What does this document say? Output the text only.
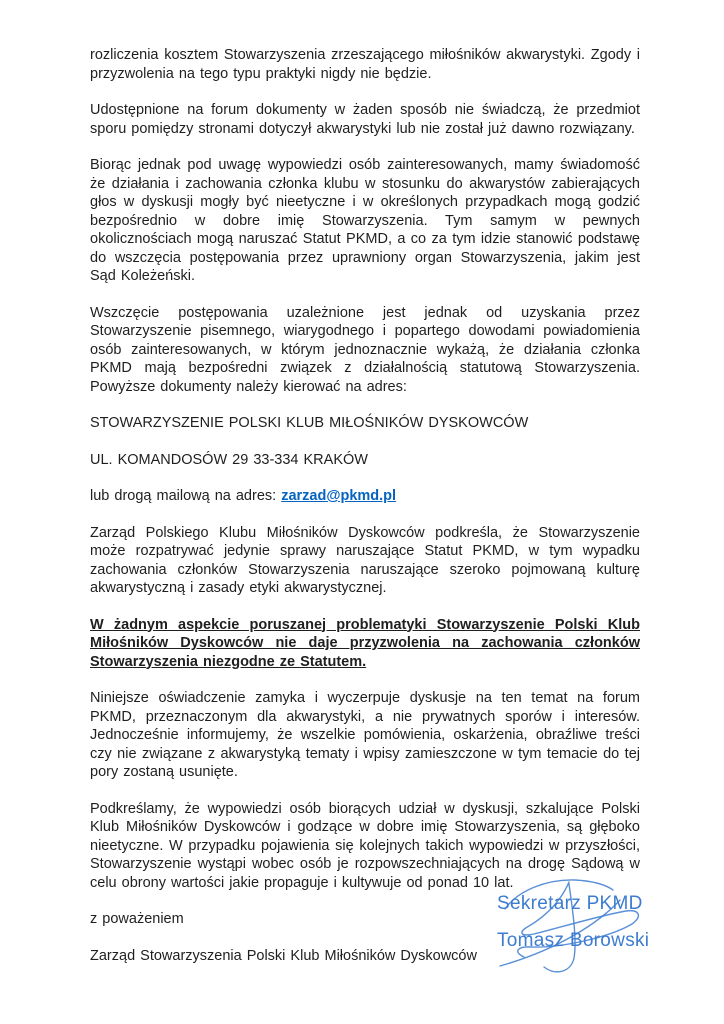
rozliczenia kosztem Stowarzyszenia zrzeszającego miłośników akwarystyki. Zgody i przyzwolenia na tego typu praktyki nigdy nie będzie.

Udostępnione na forum dokumenty w żaden sposób nie świadczą, że przedmiot sporu pomiędzy stronami dotyczył akwarystyki lub nie został już dawno rozwiązany.

Biorąc jednak pod uwagę wypowiedzi osób zainteresowanych, mamy świadomość że działania i zachowania członka klubu w stosunku do akwarystów zabierających głos w dyskusji mogły być nieetyczne i w określonych przypadkach mogą godzić bezpośrednio w dobre imię Stowarzyszenia. Tym samym w pewnych okolicznościach mogą naruszać Statut PKMD, a co za tym idzie stanowić podstawę do wszczęcia postępowania przez uprawniony organ Stowarzyszenia, jakim jest Sąd Koleżeński.

Wszczęcie postępowania uzależnione jest jednak od uzyskania przez Stowarzyszenie pisemnego, wiarygodnego i popartego dowodami powiadomienia osób zainteresowanych, w którym jednoznacznie wykażą, że działania członka PKMD mają bezpośredni związek z działalnością statutową Stowarzyszenia. Powyższe dokumenty należy kierować na adres:

STOWARZYSZENIE POLSKI KLUB MIŁOŚNIKÓW DYSKOWCÓW

UL. KOMANDOSÓW 29 33-334 KRAKÓW

lub drogą mailową na adres: zarzad@pkmd.pl

Zarząd Polskiego Klubu Miłośników Dyskowców podkreśla, że Stowarzyszenie może rozpatrywać jedynie sprawy naruszające Statut PKMD, w tym wypadku zachowania członków Stowarzyszenia naruszające szeroko pojmowaną kulturę akwarystyczną i zasady etyki akwarystycznej.

W żadnym aspekcie poruszanej problematyki Stowarzyszenie Polski Klub Miłośników Dyskowców nie daje przyzwolenia na zachowania członków Stowarzyszenia niezgodne ze Statutem.

Niniejsze oświadczenie zamyka i wyczerpuje dyskusje na ten temat na forum PKMD, przeznaczonym dla akwarystyki, a nie prywatnych sporów i interesów. Jednocześnie informujemy, że wszelkie pomówienia, oskarżenia, obraźliwe treści czy nie związane z akwarystyką tematy i wpisy zamieszczone w tym temacie do tej pory zostaną usunięte.

Podkreślamy, że wypowiedzi osób biorących udział w dyskusji, szkalujące Polski Klub Miłośników Dyskowców i godzące w dobre imię Stowarzyszenia, są głęboko nieetyczne. W przypadku pojawienia się kolejnych takich wypowiedzi w przyszłości, Stowarzyszenie wystąpi wobec osób je rozpowszechniających na drogę Sądową w celu obrony wartości jakie propaguje i kultywuje od ponad 10 lat.

z poważeniem

Zarząd Stowarzyszenia Polski Klub Miłośników Dyskowców

Sekretarz PKMD
Tomasz Borowski
